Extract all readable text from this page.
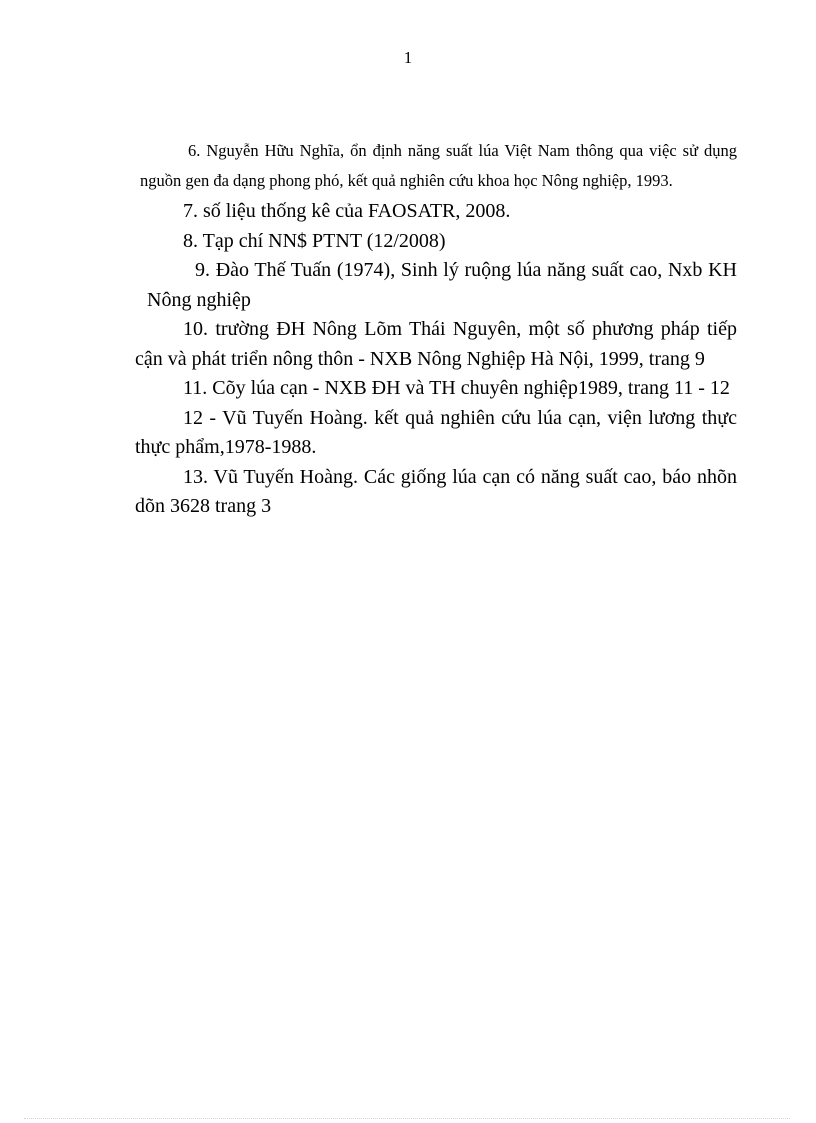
1

6. Nguyễn Hữu Nghĩa, ổn định năng suất lúa Việt Nam thông qua việc sử dụng nguồn gen đa dạng phong phó, kết quả nghiên cứu khoa học Nông nghiệp, 1993.

7. số liệu thống kê của FAOSATR, 2008.

8. Tạp chí NN$ PTNT (12/2008)

9. Đào Thế Tuấn (1974), Sinh lý ruộng lúa năng suất cao, Nxb KH Nông nghiệp

10. trường ĐH Nông Lõm Thái Nguyên, một số phương pháp tiếp cận và phát triển nông thôn - NXB Nông Nghiệp Hà Nội, 1999, trang 9

11. Cõy lúa cạn - NXB ĐH và TH chuyên nghiệp1989, trang 11 - 12

12 - Vũ Tuyến Hoàng. kết quả nghiên cứu lúa cạn, viện lương thực thực phẩm,1978-1988.

13. Vũ Tuyến Hoàng. Các giống lúa cạn có năng suất cao, báo nhõn dõn 3628 trang 3
